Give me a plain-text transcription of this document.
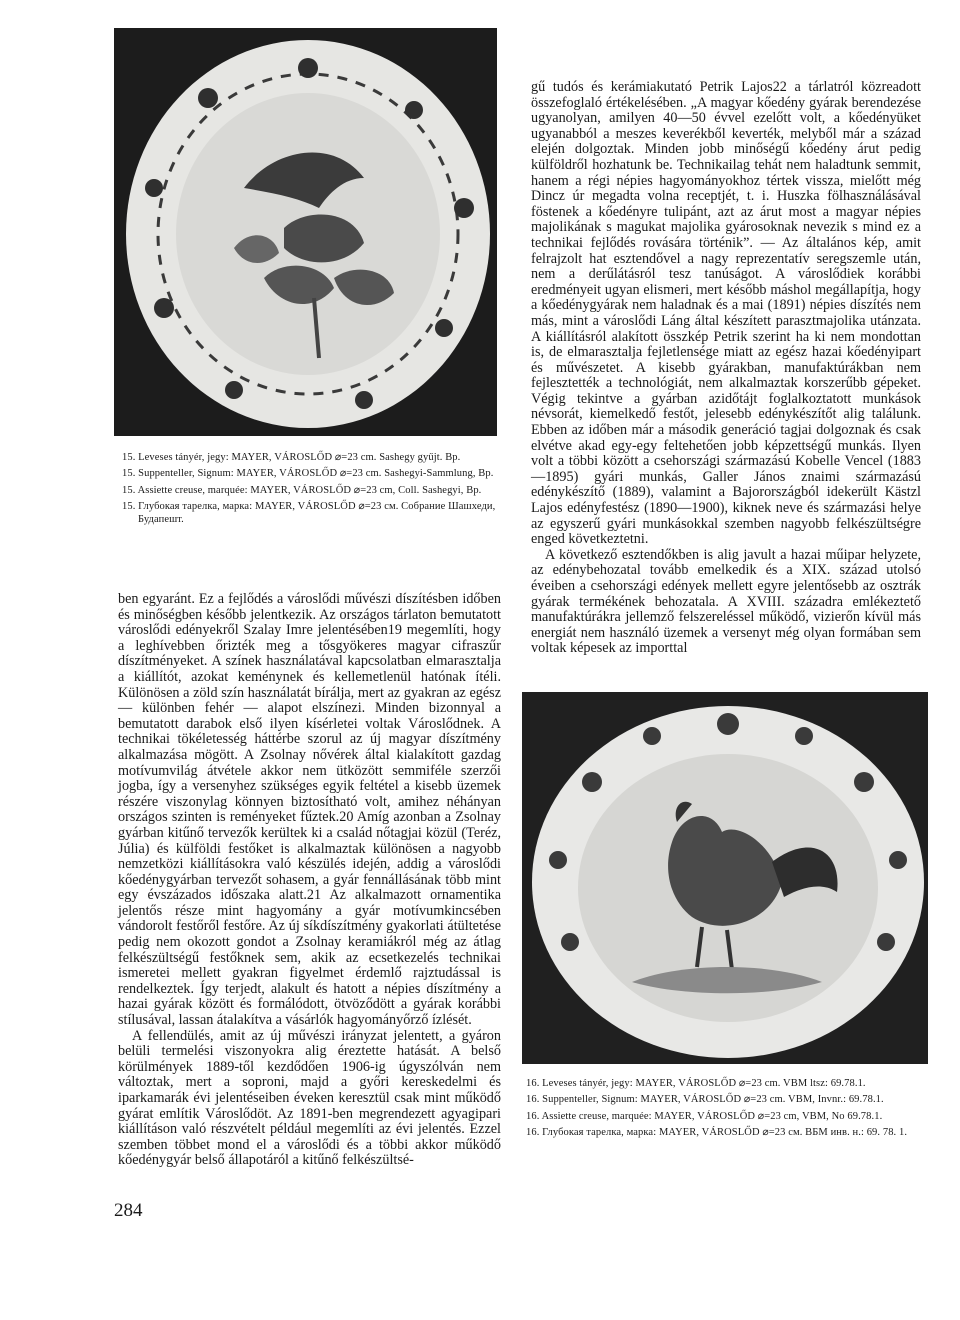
15. Leveses tányér, jegy: MAYER, VÁROSLŐD ⌀=23 cm. Sashegy gyűjt. Bp.

15. Suppenteller, Signum: MAYER, VÁROSLŐD ⌀=23 cm. Sashegyi-Sammlung, Bp.

15. Assiette creuse, marquée: MAYER, VÁROSLŐD ⌀=23 cm, Coll. Sashegyi, Bp.

15. Глубокая тарелка, марка: MAYER, VÁROSLŐD ⌀=23 см. Собрание Шашхеди, Будапешт.

ben egyaránt. Ez a fejlődés a városlődi művészi díszítésben időben és minőségben később jelentkezik. Az országos tárlaton bemutatott városlődi edényekről Szalay Imre jelentésében19 megemlíti, hogy a leghívebben őrizték meg a tősgyökeres magyar cifraszűr díszítményeket. A színek használatával kapcsolatban elmarasztalja a kiállítót, azokat keménynek és kellemetlenül hatónak ítéli. Különösen a zöld szín használatát bírálja, mert az gyakran az egész — különben fehér — alapot elszínezi. Minden bizonnyal a bemutatott darabok első ilyen kísérletei voltak Városlődnek. A technikai tökéletesség háttérbe szorul az új magyar díszítmény alkalmazása mögött. A Zsolnay nővérek által kialakított gazdag motívumvilág átvétele akkor nem ütközött semmiféle szerzői jogba, így a versenyhez szükséges egyik feltétel a kisebb üzemek részére viszonylag könnyen biztosítható volt, amihez néhányan országos szinten is reményeket fűztek.20 Amíg azonban a Zsolnay gyárban kitűnő tervezők kerültek ki a család nőtagjai közül (Teréz, Júlia) és külföldi festőket is alkalmaztak különösen a nagyobb nemzetközi kiállításokra való készülés idején, addig a városlődi kőedénygyárban tervezőt sohasem, a gyár fennállásának több mint egy évszázados időszaka alatt.21 Az alkalmazott ornamentika jelentős része mint hagyomány a gyár motívumkincsében vándorolt festőről festőre. Az új síkdíszítmény gyakorlati átültetése pedig nem okozott gondot a Zsolnay keramiákról még az átlag felkészültségű festőknek sem, akik az ecsetkezelés technikai ismeretei mellett gyakran figyelmet érdemlő rajztudással is rendelkeztek. Így terjedt, alakult és hatott a népies díszítmény a hazai gyárak között és formálódott, ötvöződött a gyárak korábbi stílusával, lassan átalakítva a vásárlók hagyományőrző ízlését.

A fellendülés, amit az új művészi irányzat jelentett, a gyáron belüli termelési viszonyokra alig éreztette hatását. A belső körülmények 1889-től kezdődően 1906-ig úgyszólván nem változtak, mert a soproni, majd a győri kereskedelmi és iparkamarák évi jelentéseiben éveken keresztül csak mint működő gyárat említik Városlődöt. Az 1891-ben megrendezett agyagipari kiállításon való részvételt például megemlíti az évi jelentés. Ezzel szemben többet mond el a városlődi és a többi akkor működő kőedénygyár belső állapotáról a kitűnő felkészültsé-

gű tudós és kerámiakutató Petrik Lajos22 a tárlatról közreadott összefoglaló értékelésében. „A magyar kőedény gyárak berendezése ugyanolyan, amilyen 40—50 évvel ezelőtt volt, a kőedényüket ugyanabból a meszes keverékből keverték, melyből már a század elején dolgoztak. Minden jobb minőségű kőedény árut pedig külföldről hozhatunk be. Technikailag tehát nem haladtunk semmit, hanem a régi népies hagyományokhoz tértek vissza, mielőtt még Dincz úr megadta volna receptjét, t. i. Huszka fölhasználásával föstenek a kőedényre tulipánt, azt az árut most a magyar népies majolikának s magukat majolika gyárosoknak nevezik s mind ez a technikai fejlődés rovására történik”. — Az általános kép, amit felrajzolt hat esztendővel a nagy reprezentatív seregszemle után, nem a derűlátásról tesz tanúságot. A városlődiek korábbi eredményeit ugyan elismeri, mert később máshol megállapítja, hogy a kőedénygyárak nem haladnak és a mai (1891) népies díszítés nem más, mint a városlődi Láng által készített parasztmajolika utánzata. A kiállításról alakított összkép Petrik szerint ha ki nem mondottan is, de elmarasztalja fejletlensége miatt az egész hazai kőedényipart és művészetet. A kisebb gyárakban, manufaktúrákban nem fejlesztették a technológiát, nem alkalmaztak korszerűbb gépeket. Végig tekintve a gyárban azidőtájt foglalkoztatott munkások névsorát, kiemelkedő festőt, jelesebb edénykészítőt alig találunk. Ebben az időben már a második generáció tagjai dolgoznak és csak elvétve akad egy-egy feltehetően jobb képzettségű munkás. Ilyen volt a többi között a csehországi származású Kobelle Vencel (1883—1895) gyári munkás, Galler János znaimi származású edénykészítő (1889), valamint a Bajorországból idekerült Kästzl Lajos edényfestész (1890—1900), kiknek neve és származási helye az egyszerű gyári munkásokkal szemben nagyobb felkészültségre enged következtetni.

A következő esztendőkben is alig javult a hazai műipar helyzete, az edénybehozatal tovább emelkedik és a XIX. század utolsó éveiben a csehországi edények mellett egyre jelentősebb az osztrák gyárak termékének behozatala. A XVIII. századra emlékeztető manufaktúrákra jellemző felszereléssel működő, vizierőn kívül más energiát nem használó üzemek a versenyt még olyan formában sem voltak képesek az importtal

16. Leveses tányér, jegy: MAYER, VÁROSLŐD ⌀=23 cm. VBM ltsz: 69.78.1.

16. Suppenteller, Signum: MAYER, VÁROSLŐD ⌀=23 cm. VBM, Invnr.: 69.78.1.

16. Assiette creuse, marquée: MAYER, VÁROSLŐD ⌀=23 cm, VBM, No 69.78.1.

16. Глубокая тарелка, марка: MAYER, VÁROSLŐD ⌀=23 см. ВБМ инв. н.: 69. 78. 1.

284
